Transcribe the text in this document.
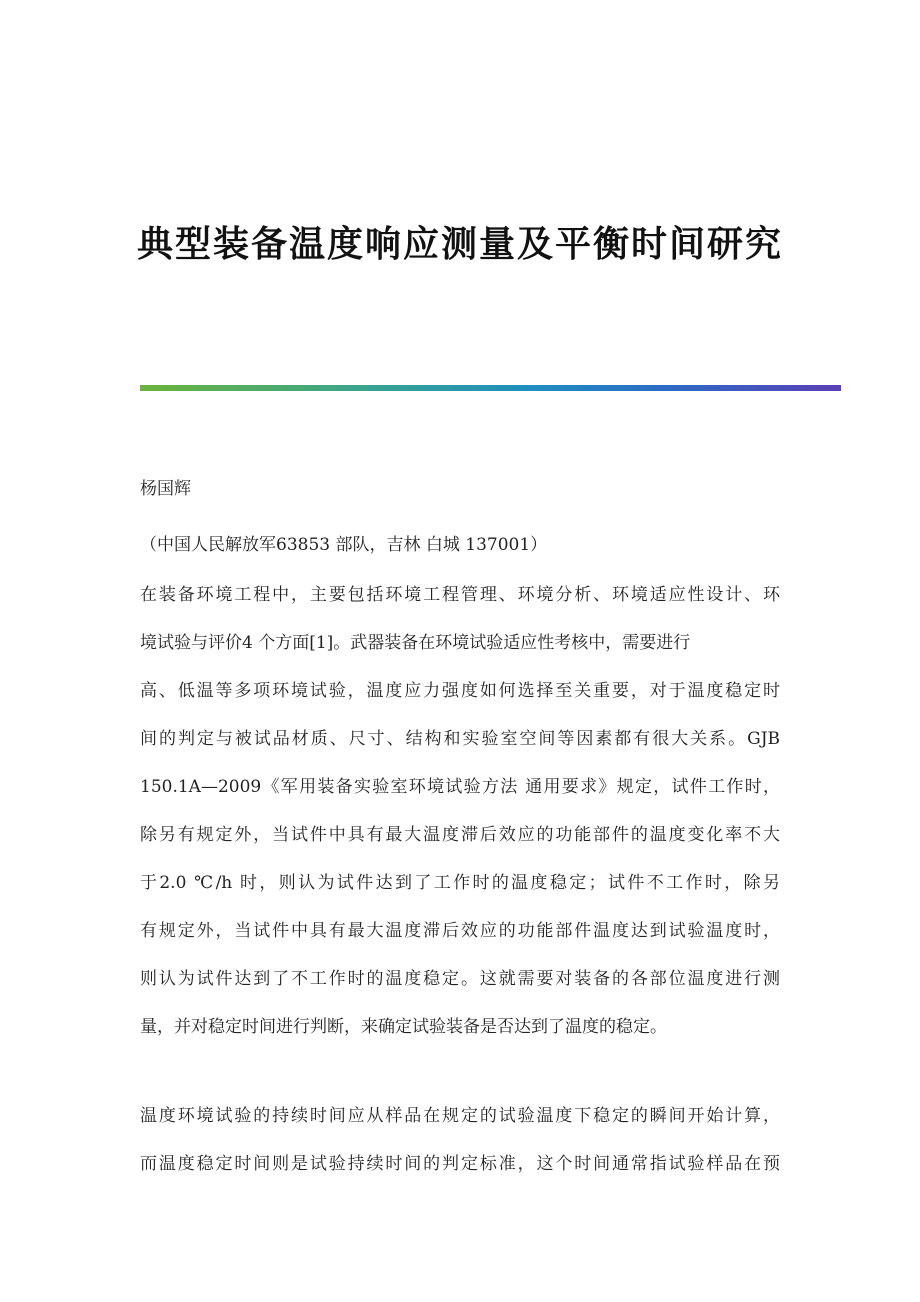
典型装备温度响应测量及平衡时间研究
杨国辉
（中国人民解放军63853 部队，吉林 白城 137001）
在装备环境工程中，主要包括环境工程管理、环境分析、环境适应性设计、环
境试验与评价4 个方面[1]。武器装备在环境试验适应性考核中，需要进行
高、低温等多项环境试验，温度应力强度如何选择至关重要，对于温度稳定时
间的判定与被试品材质、尺寸、结构和实验室空间等因素都有很大关系。GJB
150.1A—2009《军用装备实验室环境试验方法 通用要求》规定，试件工作时，
除另有规定外，当试件中具有最大温度滞后效应的功能部件的温度变化率不大
于2.0 ℃/h 时，则认为试件达到了工作时的温度稳定；试件不工作时，除另
有规定外，当试件中具有最大温度滞后效应的功能部件温度达到试验温度时，
则认为试件达到了不工作时的温度稳定。这就需要对装备的各部位温度进行测
量，并对稳定时间进行判断，来确定试验装备是否达到了温度的稳定。
温度环境试验的持续时间应从样品在规定的试验温度下稳定的瞬间开始计算，
而温度稳定时间则是试验持续时间的判定标准，这个时间通常指试验样品在预
